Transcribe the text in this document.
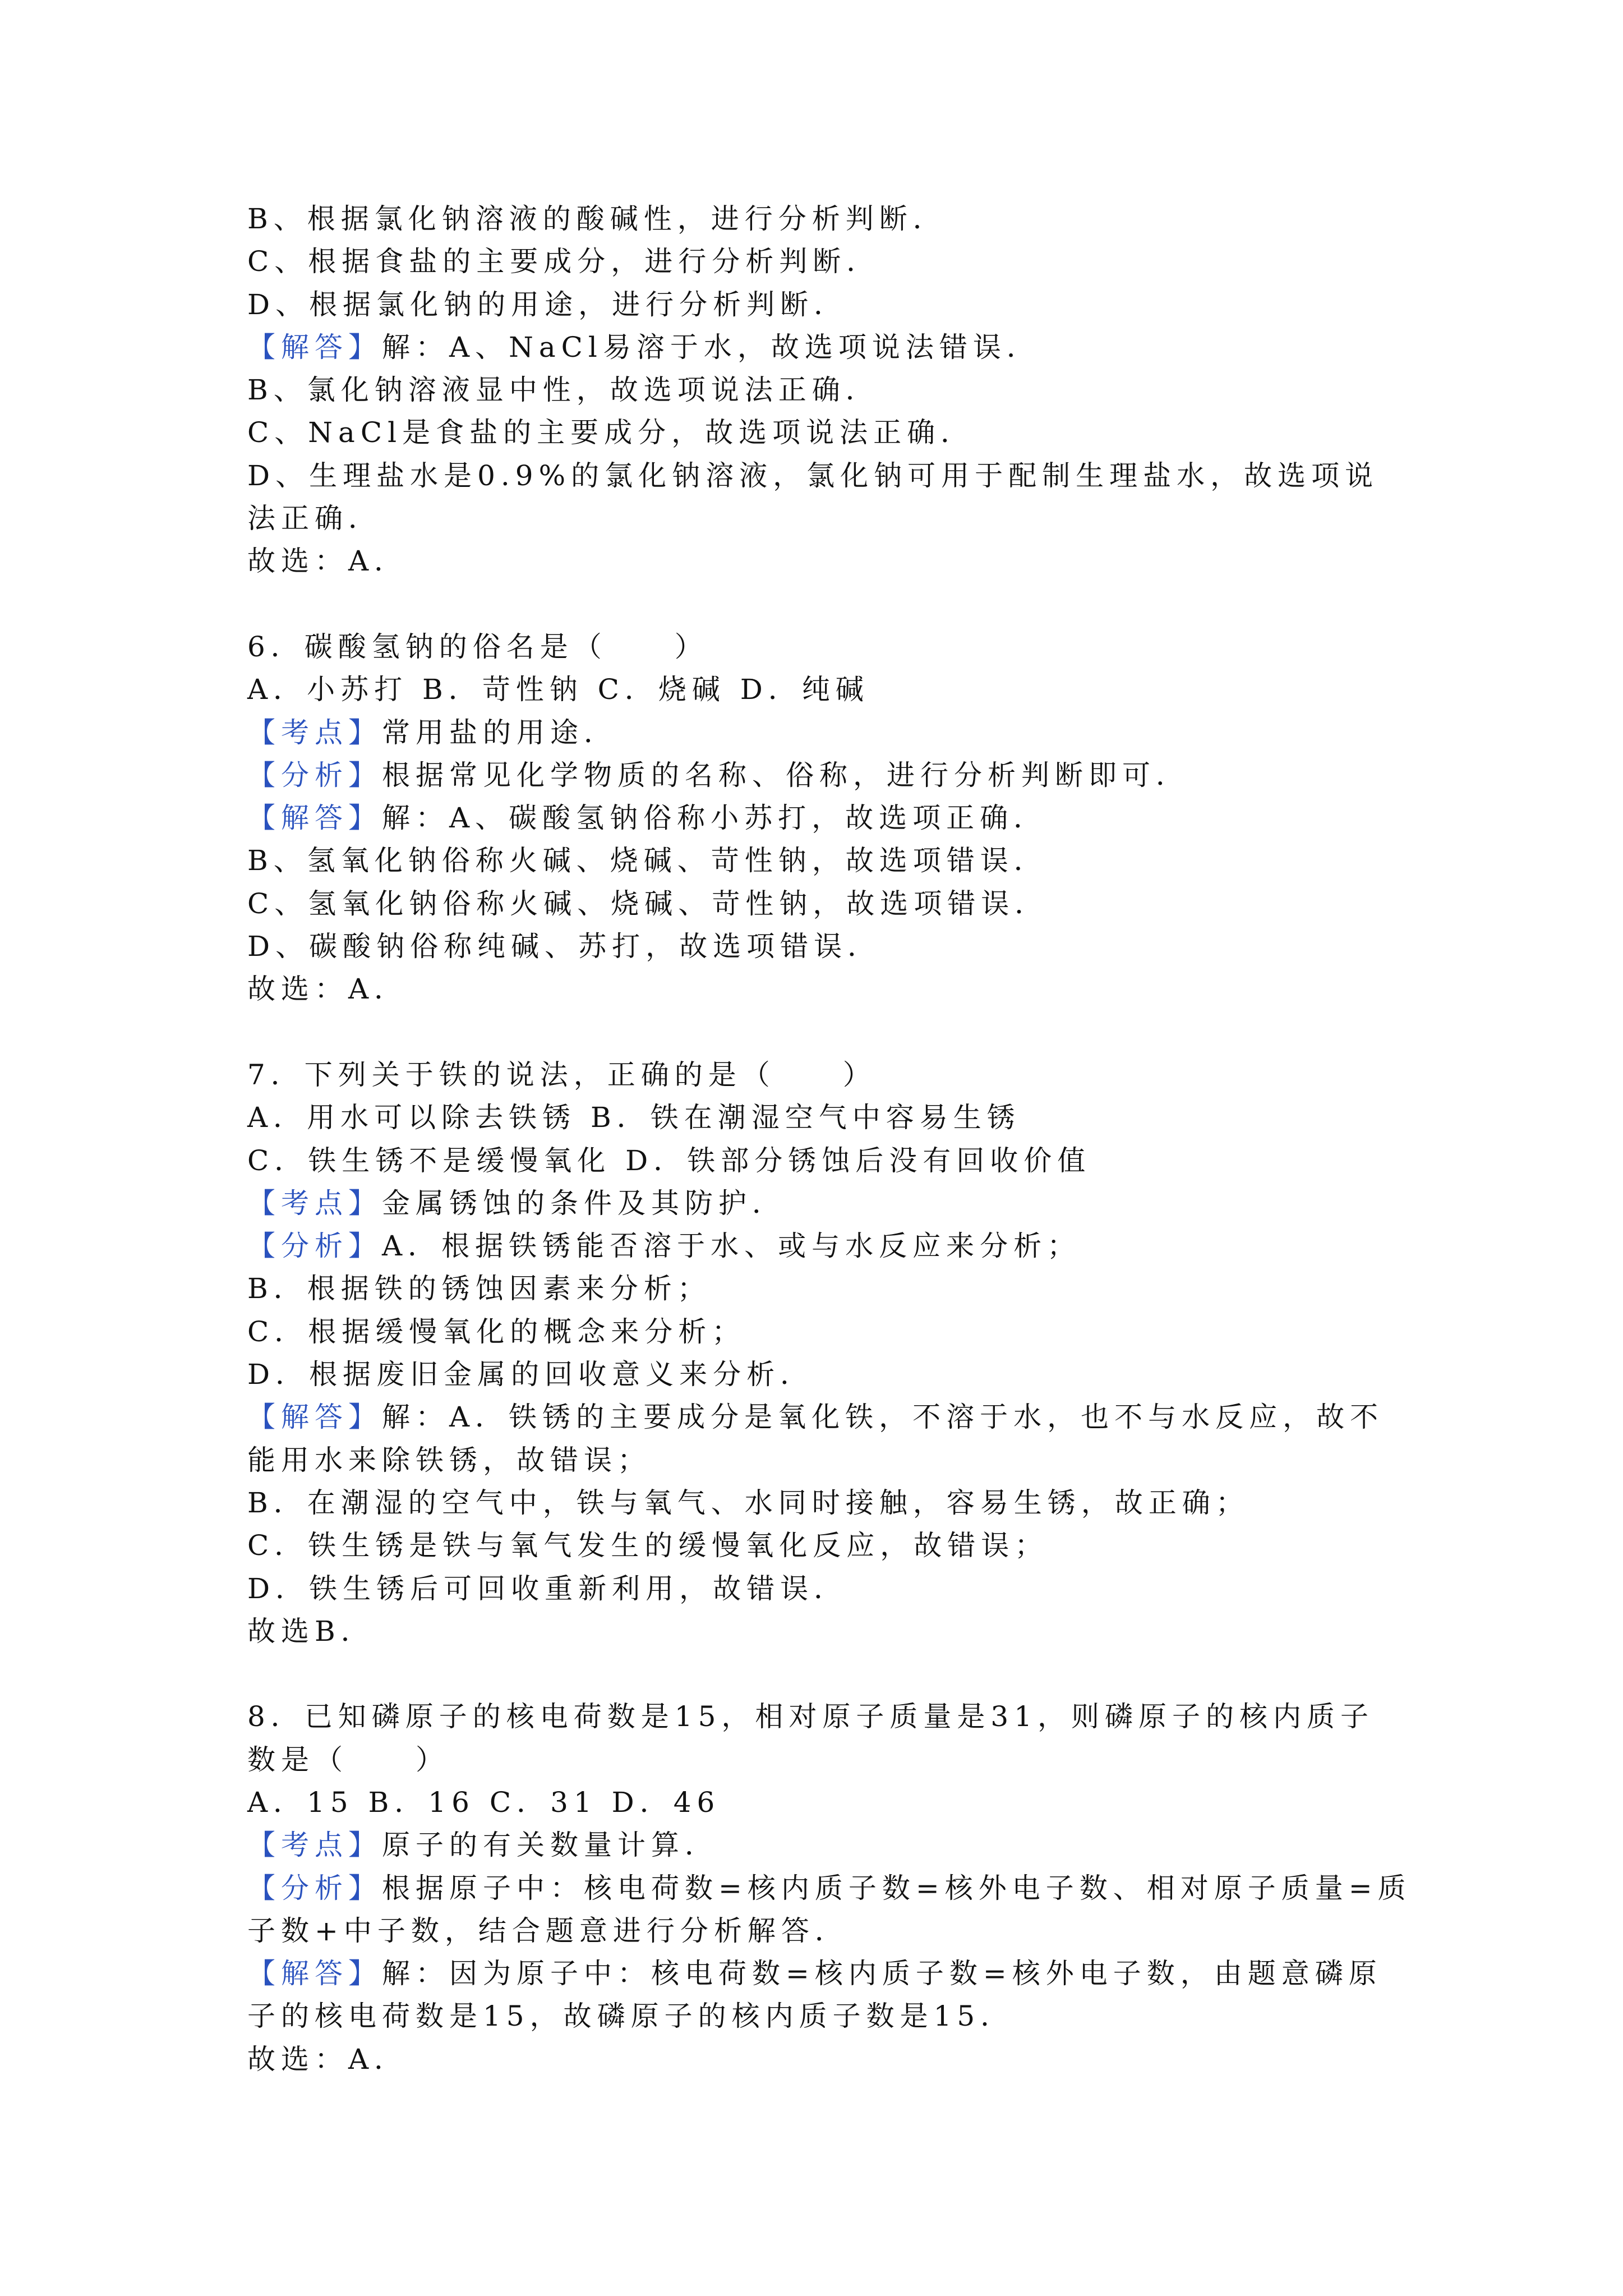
B、根据氯化钠溶液的酸碱性，进行分析判断．
C、根据食盐的主要成分，进行分析判断．
D、根据氯化钠的用途，进行分析判断．
【解答】解：A、NaCl易溶于水，故选项说法错误．
B、氯化钠溶液显中性，故选项说法正确．
C、NaCl是食盐的主要成分，故选项说法正确．
D、生理盐水是0.9%的氯化钠溶液，氯化钠可用于配制生理盐水，故选项说
法正确．
故选：A．
6．碳酸氢钠的俗名是（　　）
A．小苏打 B．苛性钠 C．烧碱 D．纯碱
【考点】常用盐的用途．
【分析】根据常见化学物质的名称、俗称，进行分析判断即可．
【解答】解：A、碳酸氢钠俗称小苏打，故选项正确．
B、氢氧化钠俗称火碱、烧碱、苛性钠，故选项错误．
C、氢氧化钠俗称火碱、烧碱、苛性钠，故选项错误．
D、碳酸钠俗称纯碱、苏打，故选项错误．
故选：A．
7．下列关于铁的说法，正确的是（　　）
A．用水可以除去铁锈 B．铁在潮湿空气中容易生锈
C．铁生锈不是缓慢氧化 D．铁部分锈蚀后没有回收价值
【考点】金属锈蚀的条件及其防护．
【分析】A．根据铁锈能否溶于水、或与水反应来分析；
B．根据铁的锈蚀因素来分析；
C．根据缓慢氧化的概念来分析；
D．根据废旧金属的回收意义来分析．
【解答】解：A．铁锈的主要成分是氧化铁，不溶于水，也不与水反应，故不
能用水来除铁锈，故错误；
B．在潮湿的空气中，铁与氧气、水同时接触，容易生锈，故正确；
C．铁生锈是铁与氧气发生的缓慢氧化反应，故错误；
D．铁生锈后可回收重新利用，故错误．
故选B．
8．已知磷原子的核电荷数是15，相对原子质量是31，则磷原子的核内质子
数是（　　）
A．15 B．16 C．31 D．46
【考点】原子的有关数量计算．
【分析】根据原子中：核电荷数=核内质子数=核外电子数、相对原子质量=质
子数+中子数，结合题意进行分析解答．
【解答】解：因为原子中：核电荷数=核内质子数=核外电子数，由题意磷原
子的核电荷数是15，故磷原子的核内质子数是15．
故选：A．
